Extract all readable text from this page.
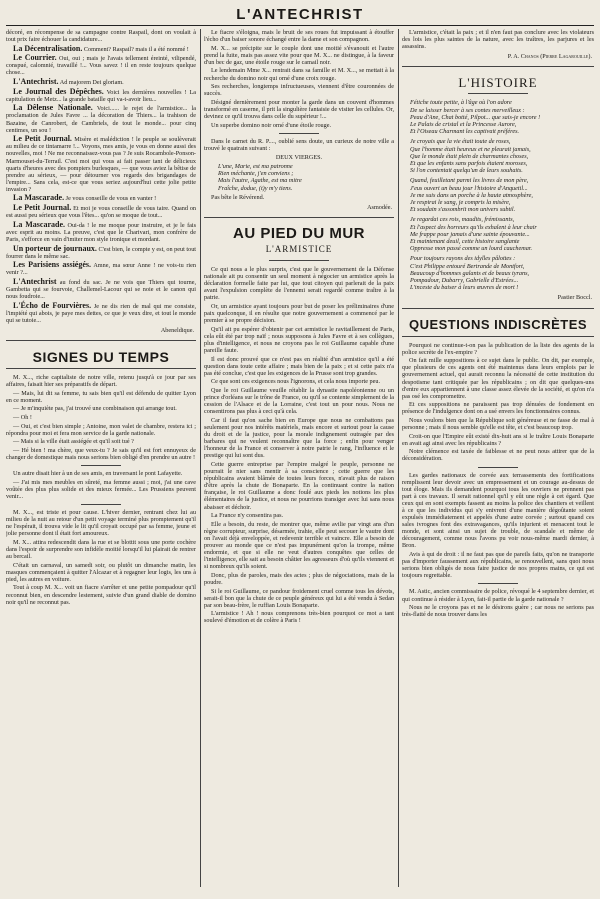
L'ANTECHRIST

décoré, en récompense de sa campagne contre Raspail, dont on voulait à tout prix faire échouer la candidature...

La Décentralisation. Comment? Raspail? mais il a été nommé !

Le Courrier. Oui, oui ; mais je l'avais tellement éreinté, vilipendé, conspué, calomnié, travaillé !... Vous savez ! il en reste toujours quelque chose...

L'Antechrist. Ad majorem Dei gloriam.

Le Journal des Dépêches. Voici les dernières nouvelles ! La capitulation de Metz... la grande bataille qui va-t-avoir lieu...

La Dêlense Nationale. Voici...... le rejet de l'armistice... la proclamation de Jules Favre ... la décoration de Thiers... la trahison de Bazaine, de Canrobert, de Cambriels, de tout le monde... pour cinq centimes, un sou !

Le Petit Journal. Misère et malédiction ! le peuple se soulèverait au milieu de ce tintamarre !... Voyons, mes amis, je vous en donne aussi des nouvelles, moi ! Ne me reconnaissez-vous pas ? Je suis Rocambole-Ponson-Marmouset-du-Terrail. C'est moi qui vous ai fait passer tant de délicieux quarts d'heures avec des pompiers burlesques, — que vous aviez la bêtise de prendre au sérieux, — pour détourner vos regards des brigandages de l'empire... Sans cela, est-ce que vous seriez aujourd'hui cette jolie petite invasion ?

La Mascarade. Je vous conseille de vous en vanter !

Le Petit Journal. Et moi je vous conseille de vous taire. Quand on est aussi peu sérieux que vous l'êtes... qu'on se moque de tout...

La Mascarade. Oui-da ! le me moque pour instruire, et je le fais avec esprit au moins. La preuve, c'est que le Charivari, mon confrère de Paris, s'efforce en vain d'imiter mon style ironique et mordant.

Un porteur de journaux. C'est bien, le compte y est, on peut tout fourrer dans le même sac.

Les Parisiens assiégés. Amne, ma sœur Anne ! ne vois-tu rien venir ?...

L'Antechrist au fond du sac. Je ne vois que Thiers qui tourne, Gambetta qui se fourvoie, Challemel-Lacour qui se noie et le canon qui nous foudroie...

L'Écho de Fourvières. Je ne dis rien de mal qui me consiste, l'impiété qui abois, je paye mes dettes, ce que je veux dire, et tout le monde qui se tutoie...

Abeneldique.

SIGNES DU TEMPS

M. X..., riche capitaliste de notre ville, retenu jusqu'à ce jour par ses affaires, faisait hier ses préparatifs de départ.

— Mais, lui dit sa femme, tu sais bien qu'il est défendu de quitter Lyon en ce moment.

— Je m'inquiète pas, j'ai trouvé une combinaison qui arrange tout.

— Oh !

— Oui, et c'est bien simple ; Antoine, mon valet de chambre, restera ici ; répondra pour moi et fera mon service de la garde nationale.

— Mais si la ville était assiégée et qu'il soit tué ?

— Hé bien ! ma chère, que veux-tu ? Je sais qu'il est fort ennuyeux de changer de domestique mais nous serions bien obligé d'en prendre un autre !

Un autre disait hier à un de ses amis, en traversant le pont Lafayette.

— J'ai mis mes meubles en sûreté, ma femme aussi ; moi, j'ai une cave voûtée des plus plus solide et des mieux fermée... Les Prussiens peuvent venir...

M. X..., est triste et pour cause. L'hiver dernier, rentrant chez lui au milieu de la nuit au retour d'un petit voyage terminé plus promptement qu'il ne l'espérait, il trouva vide le lit qu'il croyait occupé par sa femme, jeune et jolie personne dont il était fort amoureux.

M. X... attira redescendit dans la rue et se blottit sous une porte cochère dans l'espoir de surprendre son infidèle moitié lorsqu'il lui plairait de rentrer au bercail.

C'était un carnaval, un samedi soir, ou plutôt un dimanche matin, les masques commençaient à quitter l'Alcazar et à regagner leur logis, les uns à pied, les autres en voiture.

Tout à coup M. X... voit un fiacre s'arrêter et une petite pompadour qu'il reconnut bien, en descendre lestement, suivie d'un grand diable de domino noir qu'il ne reconnut pas.

Le fiacre s'éloigna, mais le bruit de ses roues fut impuissant à étouffer l'écho d'un baiser sonore échangé entre la dame et son compagnon.

M. X... se précipite sur le couple dont une moitié s'évanouit et l'autre prend la fuite, mais pas assez vite pour que M. X... ne distingue, à la faveur d'un bec de gaz, une étoile rouge sur le camail noir.

Le lendemain Mme X... rentrait dans sa famille et M. X..., se mettait à la recherche du domino noir qui orné d'une croix rouge.

Ses recherches, longtemps infructueuses, viennent d'être couronnées de succès.

Désigné dernièrement pour monter la garde dans un couvent d'hommes transformé en caserne, il prit la singulière fantaisie de visiter les cellules. Or, devinez ce qu'il trouva dans celle du supérieur !...

Un superbe domino noir orné d'une étoile rouge.

Dans le carnet du R. P...., oublié sens doute, un curieux de notre ville a trouvé le quatrain suivant :

DEUX VIERGES.
L'une, Marie, est ma patronne
Rien méchante, j'en conviens ;
Mais l'autre, Agathe, est ma mitre
Fraîche, dodue, (t)y m'y tiens.

Pas bête le Révérend.

Asmodée.

AU PIED DU MUR
L'ARMISTICE

Ce qui nous a le plus surpris, c'est que le gouvernement de la Défense nationale ait pu consentir un seul moment à négocier un armistice après la déclaration formelle faite par lui, que tout citoyen qui parlerait de la paix avant l'expulsion complète de l'ennemi serait regardé comme traître à la patrie.

Or, un armistice ayant toujours pour but de poser les préliminaires d'une paix quelconque, il en résulte que notre gouvernement a commencé par le premier à se propre décision.

Qu'il ait pu espérer d'obtenir par cet armistice le ravitaillement de Paris, cela eût été par trop naïf ; nous supposons à Jules Favre et à ses collègues, plus d'intelligence, et nous ne croyons pas le roi Guillaume capable d'une pareille faute.

Il est donc prouvé que ce n'est pas en réalité d'un armistice qu'il a été question dans toute cette affaire ; mais bien de la paix ; et si cette paix n'a pas été conclue, c'est que les exigences de la Prusse sont trop grandes.

Ce que sont ces exigences nous l'ignorons, et cela nous importe peu.

Que le roi Guillaume veuille rétablir la dynastie napoléonienne ou un prince d'orléans sur le trône de France, ou qu'il se contente simplement de la cession de l'Alsace et de la Lorraine, c'est tout un pour nous. Nous ne consentirons pas plus à ceci qu'à cela.

Car il faut qu'on sache bien en Europe que nous ne combattons pas seulement pour nos intérêts matériels, mais encore et surtout pour la cause du droit et de la justice, pour la morale indignement outragée par des barbares qui ne veulent reconnaître que la force ; enfin pour venger l'honneur de la France et conserver à notre patrie le rang, l'influence et le prestige qui lui sont dus.

Cette guerre entreprise par l'empire malgré le peuple, personne ne pourrait le nier sans mentir à sa conscience ; cette guerre que les républicains avaient blâmée de toutes leurs forces, n'avait plus de raison d'être après la chute de Bonaparte. En la continuant contre la nation française, le roi Guillaume a donc foulé aux pieds les notions les plus élémentaires de la justice, et nous ne pourrions transiger avec lui sans nous abaisser et déchoir.

La France n'y consentira pas.

Elle a besoin, du reste, de montrer que, même avilie par vingt ans d'un règne corrupteur, surprise, désarmée, trahie, elle peut secouer le vautre dont on l'avait déjà enveloppée, et redevenir terrible et vaincre. Elle a besoin de prouver au monde que ce n'est pas impunément qu'on la trompe, même endormie, et que si elle ne veut d'autres conquêtes que celles de l'intelligence, elle sait au besoin châtier les agresseurs d'où qu'ils viennent et si nombreux qu'ils soient.

Donc, plus de paroles, mais des actes ; plus de négociations, mais de la poudre.

Si le roi Guillaume, ce pandour froidement cruel comme tous les dévots, serait-il bon que la chute de ce peuple généreux qui lui a été vendu à Sedan par son beau-frère, le ruffian Louis Bonaparte.

L'armistice ! Ah ! nous comprenons très-bien pourquoi ce mot a tant soulevé d'émotion et de colère à Paris !

L'armistice, c'était la paix ; et il n'en faut pas conclure avec les violateurs des lois les plus saintes de la nature, avec les traîtres, les parjures et les assassins.

P. A. Chanos (Pierre Lagarouille).

L'HISTOIRE
Fétiche toute petite, à l'âge où l'on adore
De se laisser bercer à ses contes merveilleux :
Peau d'Ane, Chat botté, Pilpot... que sais-je encore !
Le Palais de cristal et la Princesse Aurore,
Et l'Oiseau Charmant les captivait préféres.
Je croyais que la vie était toute de roses,
Que l'homme était heureux et ne pleurait jamais,
Que le monde était plein de charmantes choses,
Et que les enfants sans parfois étaient moroses,
Si l'on contentait quelqu'un de leurs souhaits.
Quand, feuilletant parmi les livres de mon père,
J'eus ouvert un beau jour l'histoire d'Anquetil...
Je me suis dans un porche à la haute atmosphère,
Je respirai le sang, je compris la misère,
Et soudain s'assombrit mon univers subtil.
Je regardai ces rois, maudits, frémissants,
Et l'aspect des horreurs qu'ils exhalent à leur chair
Me frappe pour jamais d'une sainte épouvante...
Et maintenant deuil, cette histoire sanglante
Oppresse mon passé comme un lourd cauchemar.
Pour toujours rayons des idylles pâlottes :
C'est Philippe entouré Bertrande de Montfort,
Beaucoup d'hommes galants et de beaux tyrans,
Pompadour, Dubarry, Gabrielle d'Estrées...
L'inceste du baiser à leurs œuvres de mort !

Pastier Boccl.

QUESTIONS INDISCRÈTES

Pourquoi ne continue-t-on pas la publication de la liste des agents de la police secrète de l'ex-empire ?

On fait mille suppositions à ce sujet dans le public. On dit, par exemple, que plusieurs de ces agents ont été maintenus dans leurs emplois par le gouvernement actuel, qui aurait reconnu la nécessité de cette institution du despotisme tant critiquée par les républicains ; on dit que quelques-uns d'entre eux appartiennent à une classe assez élevée de la société, et qu'on n'a pas osé les compromettre.

Et ces suppositions ne paraissent pas trop dénuées de fondement en présence de l'indulgence dont on a usé envers les fonctionnaires connus.

Nous voulons bien que la République soit généreuse et ne fasse de mal à personne ; mais il nous semble qu'elle est tête, et c'est beaucoup trop.

Croit-on que l'Empire eût existé dix-huit ans si le traître Louis Bonaparte en avait agi ainsi avec les républicains ?

Notre clémence est taxée de faiblesse et ne peut nous attirer que de la déconsidération.

Les gardes nationaux de corvée aux terrassements des fortifications remplissent leur devoir avec un empressement et un courage au-dessus de tout éloge. Mais ils demandent pourquoi tous les ouvriers ne prennent pas part à ces travaux. Il serait rationnel qu'il y eût une règle à cet égard. Que ceux qui en sont exempts fassent au moins la police des chantiers et veillent à ce que les individus qui s'y enivrent d'une manière dégoûtante soient expulsés immédiatement et appelés d'une autre corvée ; surtout quand ces sales ivrognes font des extravagances, qu'ils injurient et menacent tout le monde, et sont ainsi un sujet de trouble, de scandale et même de découragement, comme nous l'avons pu voir nous-même mardi dernier, à Bron.

Avis à qui de droit : il ne faut pas que de pareils faits, qu'on ne transporte pas d'importer faussement aux républicains, se renouvellent, sans quoi nous serions bien obligés de nous faire justice de nos propres mains, ce qui est toujours regrettable.

M. Astic, ancien commissaire de police, révoqué le 4 septembre dernier, et qui continue à résider à Lyon, fait-il partie de la garde nationale ?

Nous ne le croyons pas et ne le désirons guère ; car nous ne serions pas très-flatté de nous trouver dans les
